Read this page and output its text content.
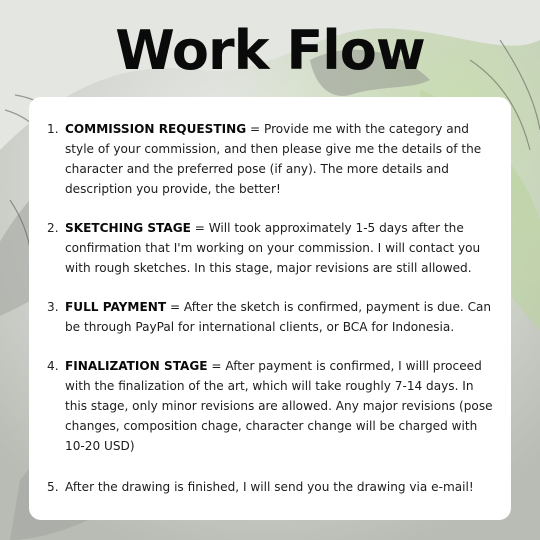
Work Flow
1. COMMISSION REQUESTING = Provide me with the category and style of your commission, and then please give me the details of the character and the preferred pose (if any). The more details and description you provide, the better!
2. SKETCHING STAGE = Will took approximately 1-5 days after the confirmation that I'm working on your commission. I will contact you with rough sketches. In this stage, major revisions are still allowed.
3. FULL PAYMENT = After the sketch is confirmed, payment is due. Can be through PayPal for international clients, or BCA for Indonesia.
4. FINALIZATION STAGE = After payment is confirmed, I willl proceed with the finalization of the art, which will take roughly 7-14 days. In this stage, only minor revisions are allowed. Any major revisions (pose changes, composition chage, character change will be charged with 10-20 USD)
5. After the drawing is finished, I will send you the drawing via e-mail!
